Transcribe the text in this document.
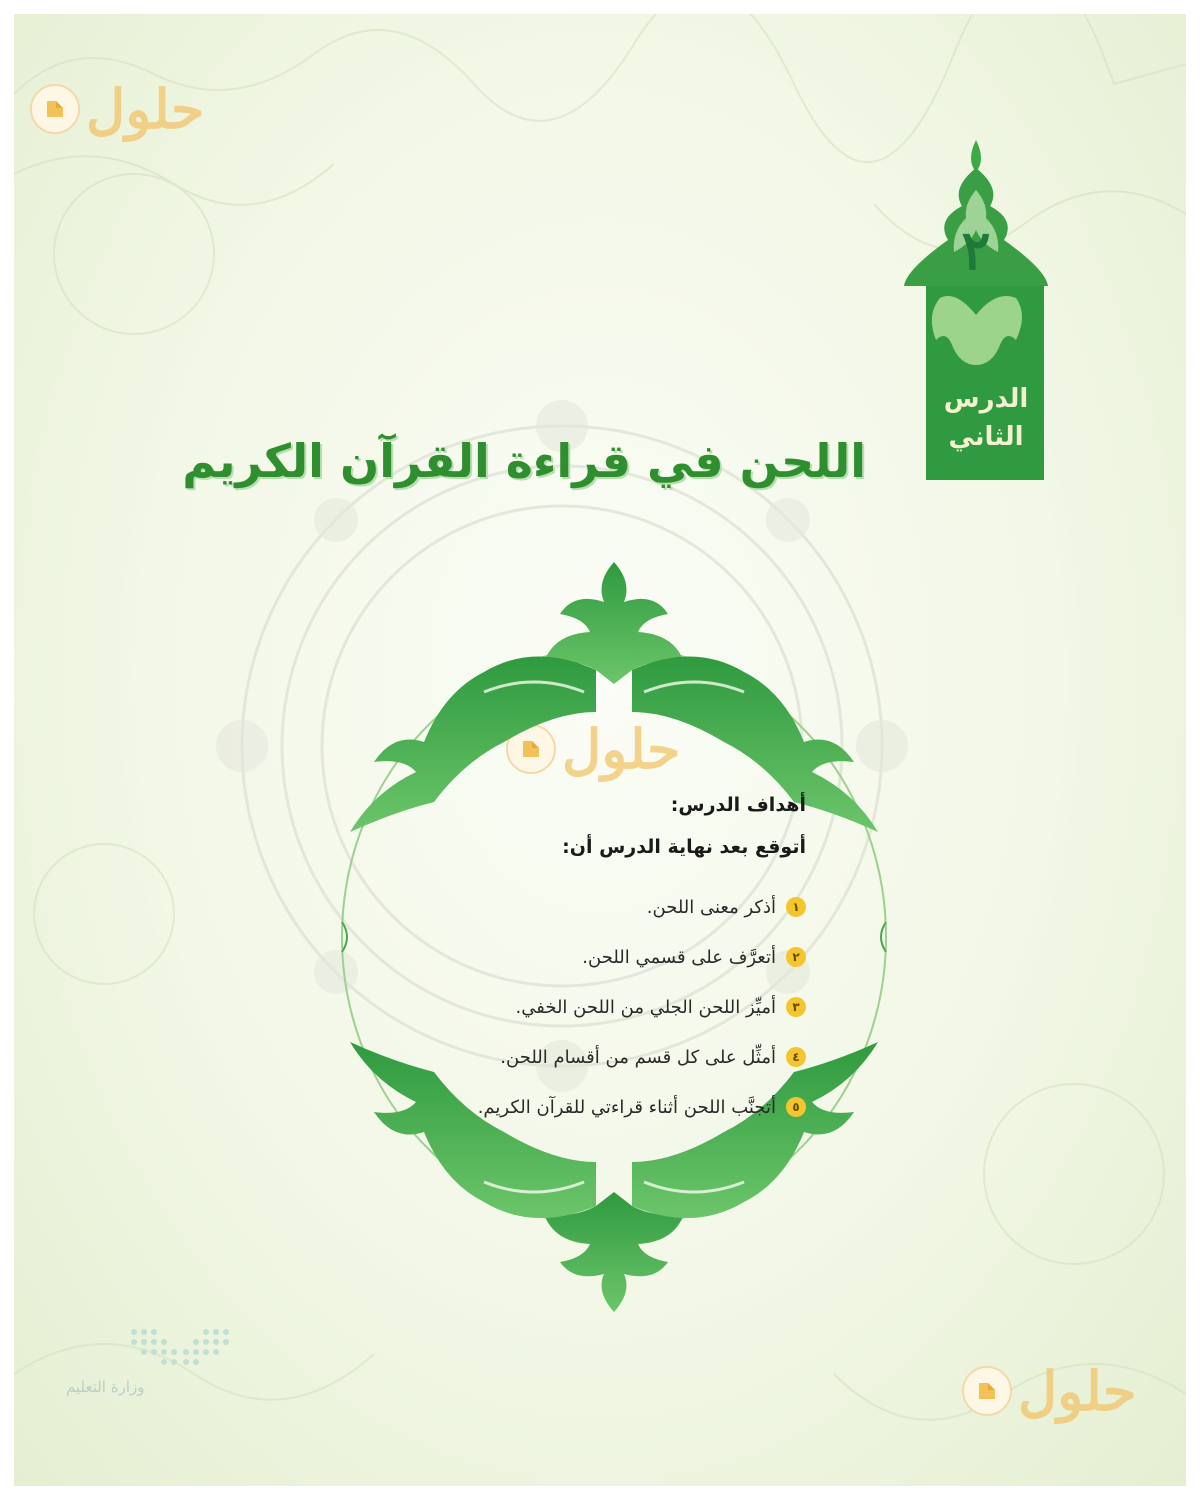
حلول
حلول
حلول
٢
الدرس
الثاني
اللحن في قراءة القرآن الكريم
أهداف الدرس:
أتوقع بعد نهاية الدرس أن:
١
أذكر معنى اللحن.
٢
أتعرَّف على قسمي اللحن.
٣
أميِّز اللحن الجلي من اللحن الخفي.
٤
أمثِّل على كل قسم من أقسام اللحن.
٥
أتجنَّب اللحن أثناء قراءتي للقرآن الكريم.
وزارة التعليم
